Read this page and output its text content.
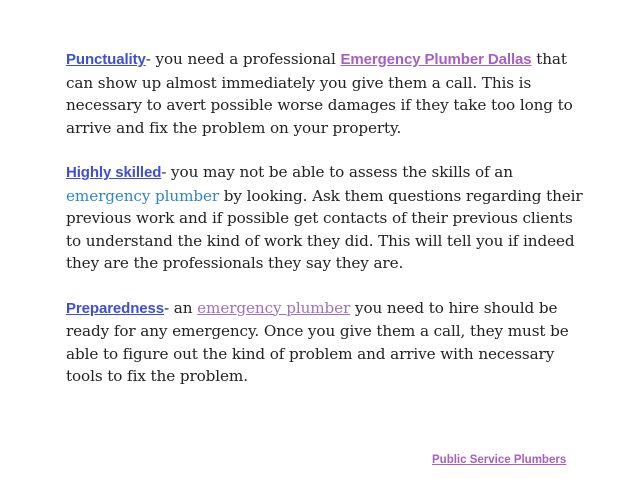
Punctuality- you need a professional Emergency Plumber Dallas that can show up almost immediately you give them a call. This is necessary to avert possible worse damages if they take too long to arrive and fix the problem on your property.

Highly skilled- you may not be able to assess the skills of an emergency plumber by looking. Ask them questions regarding their previous work and if possible get contacts of their previous clients to understand the kind of work they did. This will tell you if indeed they are the professionals they say they are.

Preparedness- an emergency plumber you need to hire should be ready for any emergency. Once you give them a call, they must be able to figure out the kind of problem and arrive with necessary tools to fix the problem.

Public Service Plumbers
